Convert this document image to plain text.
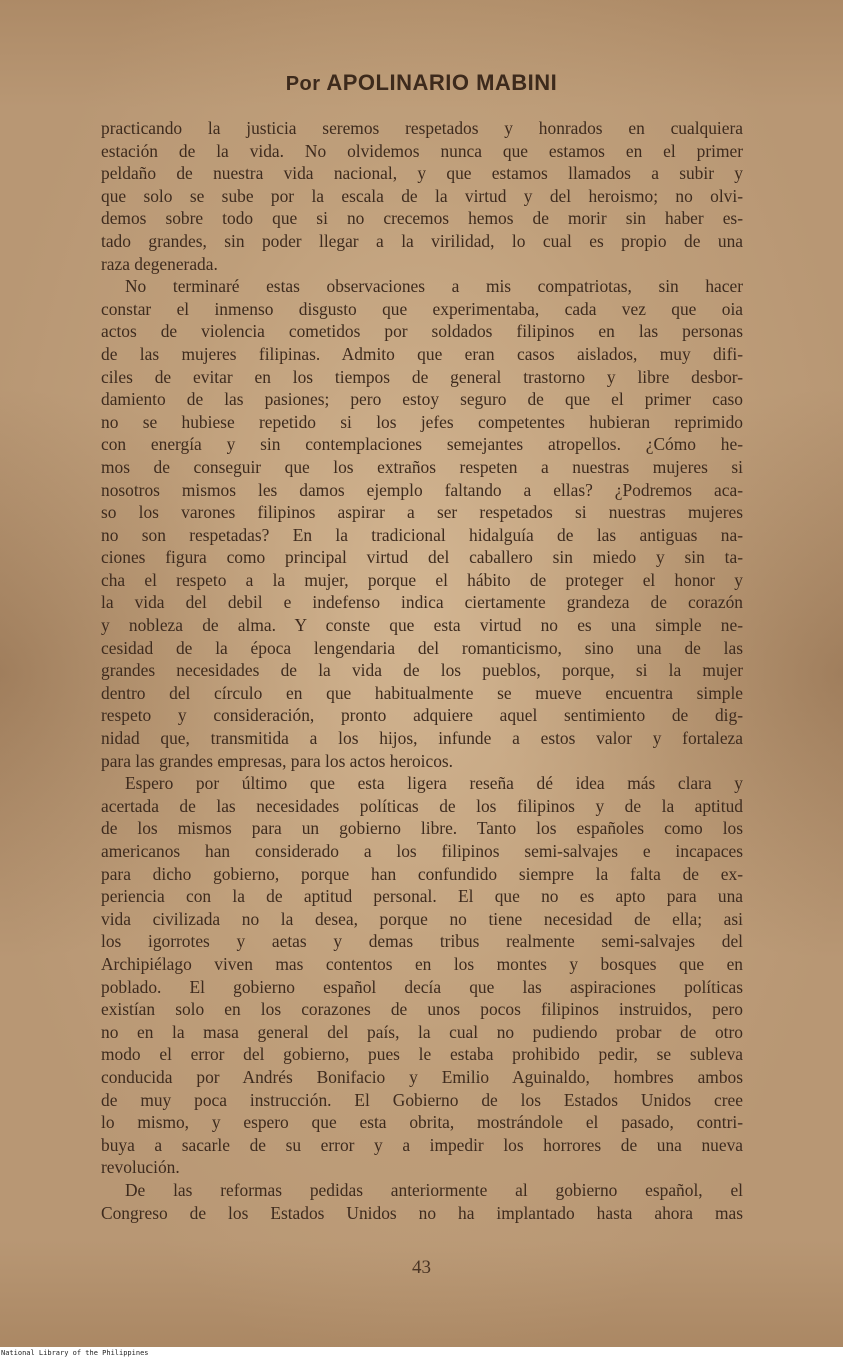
Por APOLINARIO MABINI
practicando la justicia seremos respetados y honrados en cualquiera
estación de la vida. No olvidemos nunca que estamos en el primer
peldaño de nuestra vida nacional, y que estamos llamados a subir y
que solo se sube por la escala de la virtud y del heroismo; no olvi-
demos sobre todo que si no crecemos hemos de morir sin haber es-
tado grandes, sin poder llegar a la virilidad, lo cual es propio de una
raza degenerada.
No terminaré estas observaciones a mis compatriotas, sin hacer
constar el inmenso disgusto que experimentaba, cada vez que oia
actos de violencia cometidos por soldados filipinos en las personas
de las mujeres filipinas. Admito que eran casos aislados, muy difi-
ciles de evitar en los tiempos de general trastorno y libre desbor-
damiento de las pasiones; pero estoy seguro de que el primer caso
no se hubiese repetido si los jefes competentes hubieran reprimido
con energía y sin contemplaciones semejantes atropellos. ¿Cómo he-
mos de conseguir que los extraños respeten a nuestras mujeres si
nosotros mismos les damos ejemplo faltando a ellas? ¿Podremos aca-
so los varones filipinos aspirar a ser respetados si nuestras mujeres
no son respetadas? En la tradicional hidalguía de las antiguas na-
ciones figura como principal virtud del caballero sin miedo y sin ta-
cha el respeto a la mujer, porque el hábito de proteger el honor y
la vida del debil e indefenso indica ciertamente grandeza de corazón
y nobleza de alma. Y conste que esta virtud no es una simple ne-
cesidad de la época lengendaria del romanticismo, sino una de las
grandes necesidades de la vida de los pueblos, porque, si la mujer
dentro del círculo en que habitualmente se mueve encuentra simple
respeto y consideración, pronto adquiere aquel sentimiento de dig-
nidad que, transmitida a los hijos, infunde a estos valor y fortaleza
para las grandes empresas, para los actos heroicos.
Espero por último que esta ligera reseña dé idea más clara y
acertada de las necesidades políticas de los filipinos y de la aptitud
de los mismos para un gobierno libre. Tanto los españoles como los
americanos han considerado a los filipinos semi-salvajes e incapaces
para dicho gobierno, porque han confundido siempre la falta de ex-
periencia con la de aptitud personal. El que no es apto para una
vida civilizada no la desea, porque no tiene necesidad de ella; asi
los igorrotes y aetas y demas tribus realmente semi-salvajes del
Archipiélago viven mas contentos en los montes y bosques que en
poblado. El gobierno español decía que las aspiraciones políticas
existían solo en los corazones de unos pocos filipinos instruidos, pero
no en la masa general del país, la cual no pudiendo probar de otro
modo el error del gobierno, pues le estaba prohibido pedir, se subleva
conducida por Andrés Bonifacio y Emilio Aguinaldo, hombres ambos
de muy poca instrucción. El Gobierno de los Estados Unidos cree
lo mismo, y espero que esta obrita, mostrándole el pasado, contri-
buya a sacarle de su error y a impedir los horrores de una nueva
revolución.
De las reformas pedidas anteriormente al gobierno español, el
Congreso de los Estados Unidos no ha implantado hasta ahora mas
43
National Library of the Philippines
